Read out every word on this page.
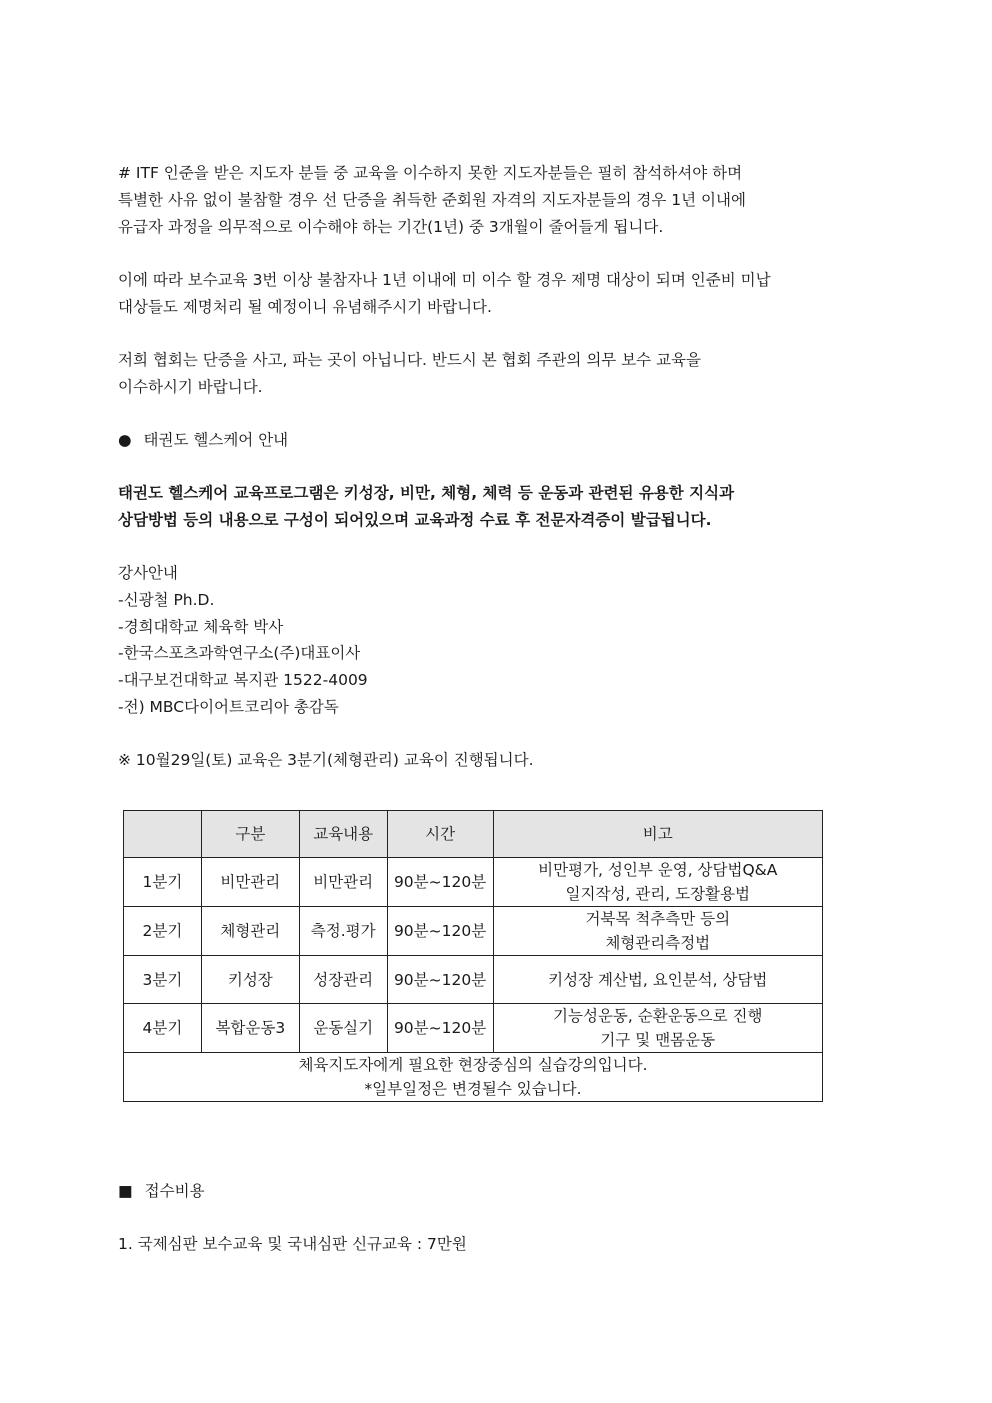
# ITF 인준을 받은 지도자 분들 중 교육을 이수하지 못한 지도자분들은 필히 참석하셔야 하며
특별한 사유 없이 불참할 경우 선 단증을 취득한 준회원 자격의 지도자분들의 경우 1년 이내에
유급자 과정을 의무적으로 이수해야 하는 기간(1년) 중 3개월이 줄어들게 됩니다.
이에 따라 보수교육 3번 이상 불참자나 1년 이내에 미 이수 할 경우 제명 대상이 되며 인준비 미납
대상들도 제명처리 될 예정이니 유념해주시기 바랍니다.
저희 협회는 단증을 사고, 파는 곳이 아닙니다. 반드시 본 협회 주관의 의무 보수 교육을
이수하시기 바랍니다.
● 태권도 헬스케어 안내
태권도 헬스케어 교육프로그램은 키성장, 비만, 체형, 체력 등 운동과 관련된 유용한 지식과
상담방법 등의 내용으로 구성이 되어있으며 교육과정 수료 후 전문자격증이 발급됩니다.
강사안내
-신광철 Ph.D.
-경희대학교 체육학 박사
-한국스포츠과학연구소(주)대표이사
-대구보건대학교 복지관 1522-4009
-전) MBC다이어트코리아 총감독
※ 10월29일(토) 교육은 3분기(체형관리) 교육이 진행됩니다.
	구분	교육내용	시간	비고
1분기	비만관리	비만관리	90분~120분	비만평가, 성인부 운영, 상담법Q&A
일지작성, 관리, 도장활용법

2분기	체형관리	측정.평가	90분~120분	거북목 척추측만 등의
체형관리측정법

3분기	키성장	성장관리	90분~120분	키성장 계산법, 요인분석, 상담법

4분기	복합운동3	운동실기	90분~120분	기능성운동, 순환운동으로 진행
기구 및 맨몸운동

체육지도자에게 필요한 현장중심의 실습강의입니다.
*일부일정은 변경될수 있습니다.				
■ 접수비용
1. 국제심판 보수교육 및 국내심판 신규교육 : 7만원
